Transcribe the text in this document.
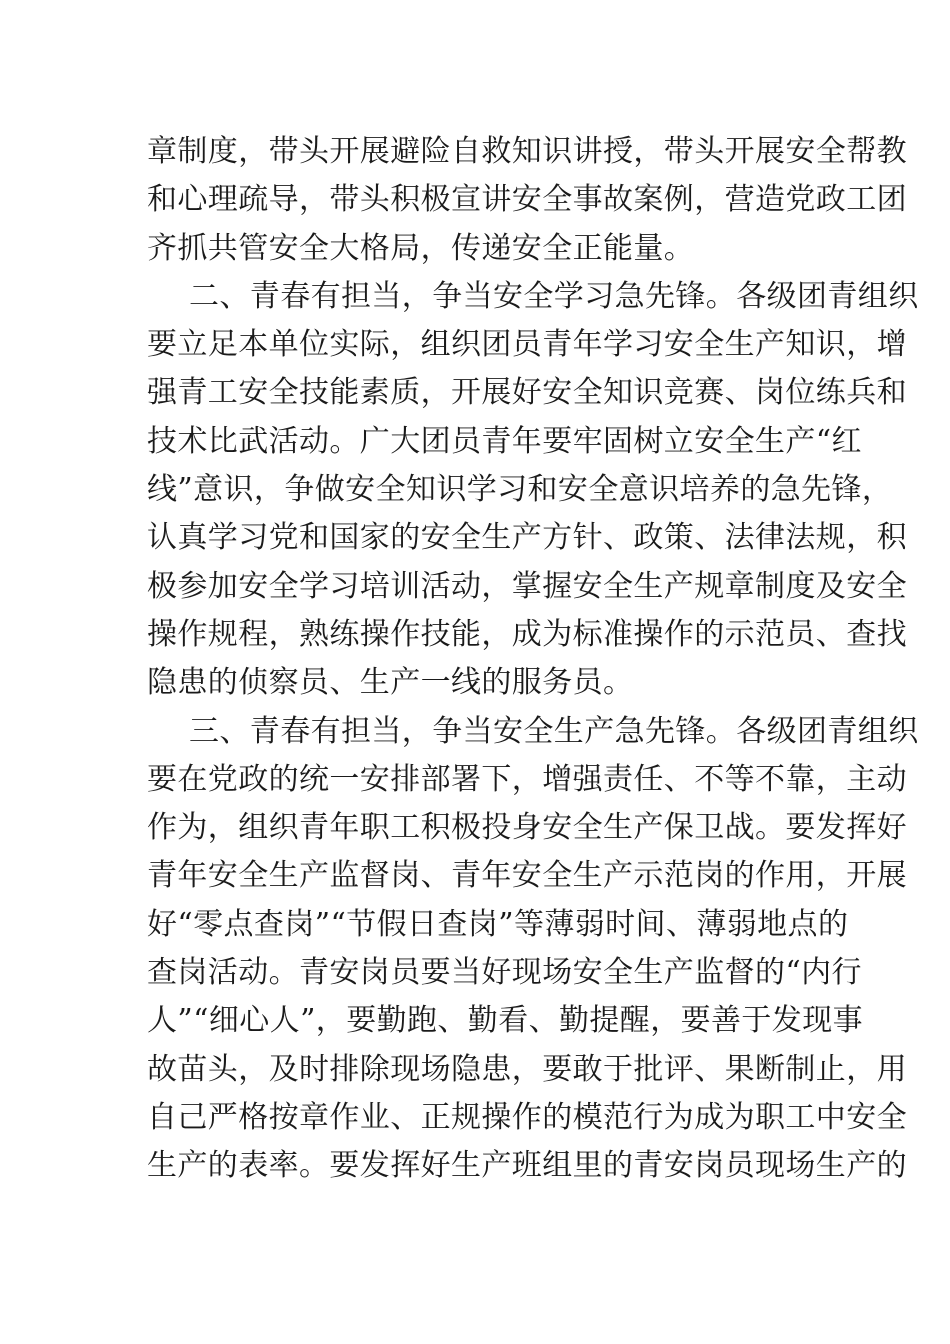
章制度，带头开展避险自救知识讲授，带头开展安全帮教
和心理疏导，带头积极宣讲安全事故案例，营造党政工团
齐抓共管安全大格局，传递安全正能量。
二、青春有担当，争当安全学习急先锋。各级团青组织
要立足本单位实际，组织团员青年学习安全生产知识，增
强青工安全技能素质，开展好安全知识竞赛、岗位练兵和
技术比武活动。广大团员青年要牢固树立安全生产“红
线”意识，争做安全知识学习和安全意识培养的急先锋，
认真学习党和国家的安全生产方针、政策、法律法规，积
极参加安全学习培训活动，掌握安全生产规章制度及安全
操作规程，熟练操作技能，成为标准操作的示范员、查找
隐患的侦察员、生产一线的服务员。
三、青春有担当，争当安全生产急先锋。各级团青组织
要在党政的统一安排部署下，增强责任、不等不靠，主动
作为，组织青年职工积极投身安全生产保卫战。要发挥好
青年安全生产监督岗、青年安全生产示范岗的作用，开展
好“零点查岗”“节假日查岗”等薄弱时间、薄弱地点的
查岗活动。青安岗员要当好现场安全生产监督的“内行
人”“细心人”，要勤跑、勤看、勤提醒，要善于发现事
故苗头，及时排除现场隐患，要敢于批评、果断制止，用
自己严格按章作业、正规操作的模范行为成为职工中安全
生产的表率。要发挥好生产班组里的青安岗员现场生产的
